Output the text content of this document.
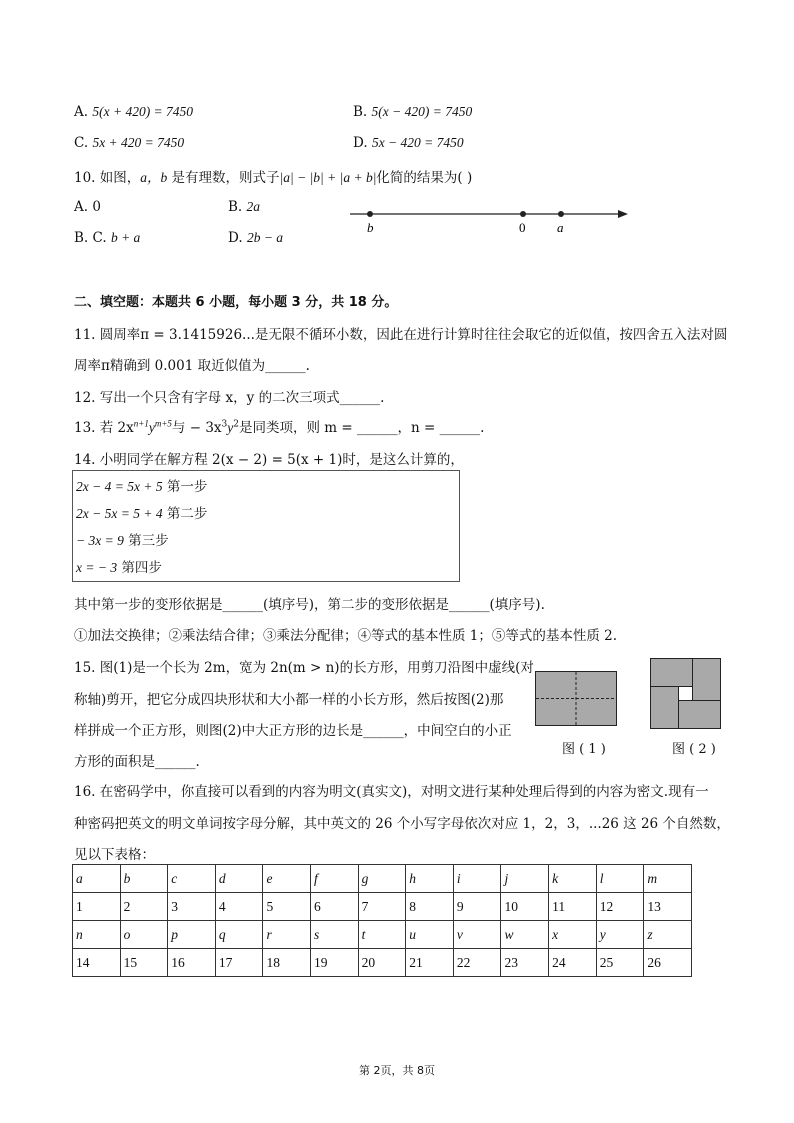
A. 5(x + 420) = 7450	B. 5(x − 420) = 7450
C. 5x + 420 = 7450	D. 5x − 420 = 7450
10. 如图，a，b 是有理数，则式子|a| − |b| + |a + b|化简的结果为( )
A. 0	B. 2a
B. C. b + a	D. 2b − a
b	0 a
二、填空题：本题共 6 小题，每小题 3 分，共 18 分。
11. 圆周率π = 3.1415926...是无限不循环小数，因此在进行计算时往往会取它的近似值，按四舍五入法对圆
周率π精确到 0.001 取近似值为______.
12. 写出一个只含有字母 x，y 的二次三项式______.
13. 若 $2x^{n+1}y^{m+5}$与 − $3x^3y^2$是同类项，则 m = ______，n = ______.
14. 小明同学在解方程 2(x − 2) = 5(x + 1)时，是这么计算的，
2x − 4 = 5x + 5 第一步
2x − 5x = 5 + 4 第二步
− 3x = 9 第三步
x = − 3 第四步
其中第一步的变形依据是______(填序号)，第二步的变形依据是______(填序号).
①加法交换律；②乘法结合律；③乘法分配律；④等式的基本性质 1；⑤等式的基本性质 2.
15. 图(1)是一个长为 2m，宽为 2n(m > n)的长方形，用剪刀沿图中虚线(对
称轴)剪开，把它分成四块形状和大小都一样的小长方形，然后按图(2)那
样拼成一个正方形，则图(2)中大正方形的边长是______，中间空白的小正
方形的面积是______.
图 ( 1 )	图 ( 2 )
16. 在密码学中，你直接可以看到的内容为明文(真实文)，对明文进行某种处理后得到的内容为密文.现有一
种密码把英文的明文单词按字母分解，其中英文的 26 个小写字母依次对应 1，2，3，...26 这 26 个自然数，
见以下表格：
a	b	c	d	e	f	g	h	i	j	k	l	m
1	2	3	4	5	6	7	8	9	10	11	12	13
n	o	p	q	r	s	t	u	v	w	x	y	z
14	15	16	17	18	19	20	21	22	23	24	25	26
第 2页，共 8页
